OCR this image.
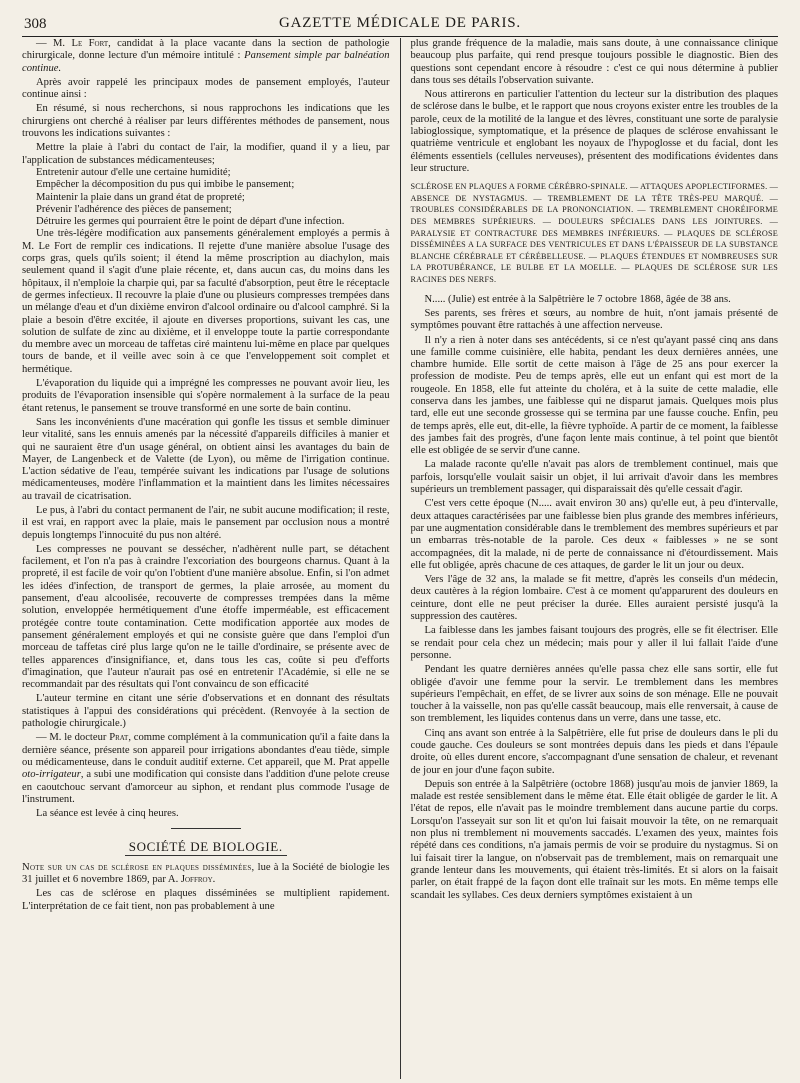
308	GAZETTE MÉDICALE DE PARIS.

— M. Le Fort, candidat à la place vacante dans la section de pathologie chirurgicale, donne lecture d'un mémoire intitulé : Pansement simple par balnéation continue.

Après avoir rappelé les principaux modes de pansement employés, l'auteur continue ainsi :

En résumé, si nous recherchons, si nous rapprochons les indications que les chirurgiens ont cherché à réaliser par leurs différentes méthodes de pansement, nous trouvons les indications suivantes :

Mettre la plaie à l'abri du contact de l'air, la modifier, quand il y a lieu, par l'application de substances médicamenteuses;

Entretenir autour d'elle une certaine humidité;

Empêcher la décomposition du pus qui imbibe le pansement;

Maintenir la plaie dans un grand état de propreté;

Prévenir l'adhérence des pièces de pansement;

Détruire les germes qui pourraient être le point de départ d'une infection.

Une très-légère modification aux pansements généralement employés a permis à M. Le Fort de remplir ces indications. Il rejette d'une manière absolue l'usage des corps gras, quels qu'ils soient; il étend la même proscription au diachylon, mais seulement quand il s'agit d'une plaie récente, et, dans aucun cas, du moins dans les hôpitaux, il n'emploie la charpie qui, par sa faculté d'absorption, peut être le réceptacle de germes infectieux. Il recouvre la plaie d'une ou plusieurs compresses trempées dans un mélange d'eau et d'un dixième environ d'alcool ordinaire ou d'alcool camphré. Si la plaie a besoin d'être excitée, il ajoute en diverses proportions, suivant les cas, une solution de sulfate de zinc au dixième, et il enveloppe toute la partie correspondante du membre avec un morceau de taffetas ciré maintenu lui-même en place par quelques tours de bande, et il veille avec soin à ce que l'enveloppement soit complet et hermétique.

L'évaporation du liquide qui a imprégné les compresses ne pouvant avoir lieu, les produits de l'évaporation insensible qui s'opère normalement à la surface de la peau étant retenus, le pansement se trouve transformé en une sorte de bain continu.

Sans les inconvénients d'une macération qui gonfle les tissus et semble diminuer leur vitalité, sans les ennuis amenés par la nécessité d'appareils difficiles à manier et qui ne sauraient être d'un usage général, on obtient ainsi les avantages du bain de Mayer, de Langenbeck et de Valette (de Lyon), ou même de l'irrigation continue. L'action sédative de l'eau, tempérée suivant les indications par l'usage de solutions médicamenteuses, modère l'inflammation et la maintient dans les limites nécessaires au travail de cicatrisation.

Le pus, à l'abri du contact permanent de l'air, ne subit aucune modification; il reste, il est vrai, en rapport avec la plaie, mais le pansement par occlusion nous a montré depuis longtemps l'innocuité du pus non altéré.

Les compresses ne pouvant se dessécher, n'adhèrent nulle part, se détachent facilement, et l'on n'a pas à craindre l'excoriation des bourgeons charnus. Quant à la propreté, il est facile de voir qu'on l'obtient d'une manière absolue. Enfin, si l'on admet les idées d'infection, de transport de germes, la plaie arrosée, au moment du pansement, d'eau alcoolisée, recouverte de compresses trempées dans la même solution, enveloppée hermétiquement d'une étoffe imperméable, est efficacement protégée contre toute contamination. Cette modification apportée aux modes de pansement généralement employés et qui ne consiste guère que dans l'emploi d'un morceau de taffetas ciré plus large qu'on ne le taille d'ordinaire, se présente avec de telles apparences d'insignifiance, et, dans tous les cas, coûte si peu d'efforts d'imagination, que l'auteur n'aurait pas osé en entretenir l'Académie, si elle ne se recommandait par des résultats qui l'ont convaincu de son efficacité

L'auteur termine en citant une série d'observations et en donnant des résultats statistiques à l'appui des considérations qui précèdent. (Renvoyée à la section de pathologie chirurgicale.)

— M. le docteur Prat, comme complément à la communication qu'il a faite dans la dernière séance, présente son appareil pour irrigations abondantes d'eau tiède, simple ou médicamenteuse, dans le conduit auditif externe. Cet appareil, que M. Prat appelle oto-irrigateur, a subi une modification qui consiste dans l'addition d'une pelote creuse en caoutchouc servant d'amorceur au siphon, et rendant plus commode l'usage de l'instrument.

La séance est levée à cinq heures.

SOCIÉTÉ DE BIOLOGIE.

Note sur un cas de sclérose en plaques disséminées, lue à la Société de biologie les 31 juillet et 6 novembre 1869, par A. Joffroy.

Les cas de sclérose en plaques disséminées se multiplient rapidement. L'interprétation de ce fait tient, non pas probablement à une

plus grande fréquence de la maladie, mais sans doute, à une connaissance clinique beaucoup plus parfaite, qui rend presque toujours possible le diagnostic. Bien des questions sont cependant encore à résoudre : c'est ce qui nous détermine à publier dans tous ses détails l'observation suivante.

Nous attirerons en particulier l'attention du lecteur sur la distribution des plaques de sclérose dans le bulbe, et le rapport que nous croyons exister entre les troubles de la parole, ceux de la motilité de la langue et des lèvres, constituant une sorte de paralysie labioglossique, symptomatique, et la présence de plaques de sclérose envahissant le quatrième ventricule et englobant les noyaux de l'hypoglosse et du facial, dont les éléments essentiels (cellules nerveuses), présentent des modifications évidentes dans leur structure.

SCLÉROSE EN PLAQUES A FORME CÉRÉBRO-SPINALE. — ATTAQUES APOPLECTIFORMES. — ABSENCE DE NYSTAGMUS. — TREMBLEMENT DE LA TÊTE TRÈS-PEU MARQUÉ. — TROUBLES CONSIDÉRABLES DE LA PRONONCIATION. — TREMBLEMENT CHORÉIFORME DES MEMBRES SUPÉRIEURS. — DOULEURS SPÉCIALES DANS LES JOINTURES. — PARALYSIE ET CONTRACTURE DES MEMBRES INFÉRIEURS. — PLAQUES DE SCLÉROSE DISSÉMINÉES A LA SURFACE DES VENTRICULES ET DANS L'ÉPAISSEUR DE LA SUBSTANCE BLANCHE CÉRÉBRALE ET CÉRÉBELLEUSE. — PLAQUES ÉTENDUES ET NOMBREUSES SUR LA PROTUBÉRANCE, LE BULBE ET LA MOELLE. — PLAQUES DE SCLÉROSE SUR LES RACINES DES NERFS.

N..... (Julie) est entrée à la Salpêtrière le 7 octobre 1868, âgée de 38 ans.

Ses parents, ses frères et sœurs, au nombre de huit, n'ont jamais présenté de symptômes pouvant être rattachés à une affection nerveuse.

Il n'y a rien à noter dans ses antécédents, si ce n'est qu'ayant passé cinq ans dans une famille comme cuisinière, elle habita, pendant les deux dernières années, une chambre humide. Elle sortit de cette maison à l'âge de 25 ans pour exercer la profession de modiste. Peu de temps après, elle eut un enfant qui est mort de la rougeole. En 1858, elle fut atteinte du choléra, et à la suite de cette maladie, elle conserva dans les jambes, une faiblesse qui ne disparut jamais. Quelques mois plus tard, elle eut une seconde grossesse qui se termina par une fausse couche. Enfin, peu de temps après, elle eut, dit-elle, la fièvre typhoïde. A partir de ce moment, la faiblesse des jambes fait des progrès, d'une façon lente mais continue, à tel point que bientôt elle est obligée de se servir d'une canne.

La malade raconte qu'elle n'avait pas alors de tremblement continuel, mais que parfois, lorsqu'elle voulait saisir un objet, il lui arrivait d'avoir dans les membres supérieurs un tremblement passager, qui disparaissait dès qu'elle cessait d'agir.

C'est vers cette époque (N..... avait environ 30 ans) qu'elle eut, à peu d'intervalle, deux attaques caractérisées par une faiblesse bien plus grande des membres inférieurs, par une augmentation considérable dans le tremblement des membres supérieurs et par un embarras très-notable de la parole. Ces deux « faiblesses » ne se sont accompagnées, dit la malade, ni de perte de connaissance ni d'étourdissement. Mais elle fut obligée, après chacune de ces attaques, de garder le lit un jour ou deux.

Vers l'âge de 32 ans, la malade se fit mettre, d'après les conseils d'un médecin, deux cautères à la région lombaire. C'est à ce moment qu'apparurent des douleurs en ceinture, dont elle ne peut préciser la durée. Elles auraient persisté jusqu'à la suppression des cautères.

La faiblesse dans les jambes faisant toujours des progrès, elle se fit électriser. Elle se rendait pour cela chez un médecin; mais pour y aller il lui fallait l'aide d'une personne.

Pendant les quatre dernières années qu'elle passa chez elle sans sortir, elle fut obligée d'avoir une femme pour la servir. Le tremblement dans les membres supérieurs l'empêchait, en effet, de se livrer aux soins de son ménage. Elle ne pouvait toucher à la vaisselle, non pas qu'elle cassât beaucoup, mais elle renversait, à cause de son tremblement, les liquides contenus dans un verre, dans une tasse, etc.

Cinq ans avant son entrée à la Salpêtrière, elle fut prise de douleurs dans le pli du coude gauche. Ces douleurs se sont montrées depuis dans les pieds et dans l'épaule droite, où elles durent encore, s'accompagnant d'une sensation de chaleur, et revenant de jour en jour d'une façon subite.

Depuis son entrée à la Salpêtrière (octobre 1868) jusqu'au mois de janvier 1869, la malade est restée sensiblement dans le même état. Elle était obligée de garder le lit. A l'état de repos, elle n'avait pas le moindre tremblement dans aucune partie du corps. Lorsqu'on l'asseyait sur son lit et qu'on lui faisait mouvoir la tête, on ne remarquait non plus ni tremblement ni mouvements saccadés. L'examen des yeux, maintes fois répété dans ces conditions, n'a jamais permis de voir se produire du nystagmus. Si on lui faisait tirer la langue, on n'observait pas de tremblement, mais on remarquait une grande lenteur dans les mouvements, qui étaient très-limités. Et si alors on la faisait parler, on était frappé de la façon dont elle traînait sur les mots. En même temps elle scandait les syllabes. Ces deux derniers symptômes existaient à un
